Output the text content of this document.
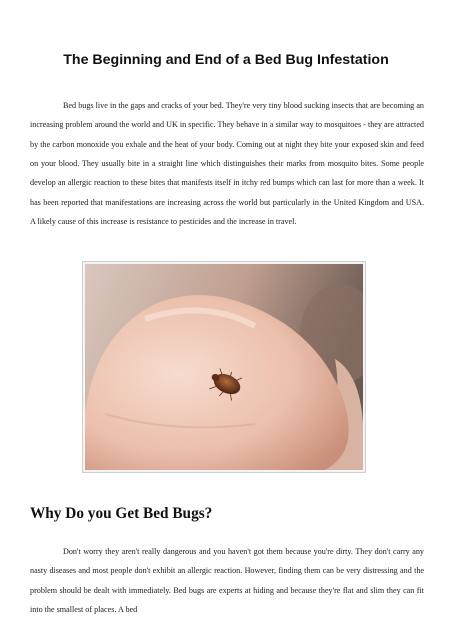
The Beginning and End of a Bed Bug Infestation

Bed bugs live in the gaps and cracks of your bed. They're very tiny blood sucking insects that are becoming an increasing problem around the world and UK in specific. They behave in a similar way to mosquitoes - they are attracted by the carbon monoxide you exhale and the heat of your body. Coming out at night they bite your exposed skin and feed on your blood. They usually bite in a straight line which distinguishes their marks from mosquito bites. Some people develop an allergic reaction to these bites that manifests itself in itchy red bumps which can last for more than a week. It has been reported that manifestations are increasing across the world but particularly in the United Kingdom and USA. A likely cause of this increase is resistance to pesticides and the increase in travel.

Why Do you Get Bed Bugs?

Don't worry they aren't really dangerous and you haven't got them because you're dirty. They don't carry any nasty diseases and most people don't exhibit an allergic reaction. However, finding them can be very distressing and the problem should be dealt with immediately. Bed bugs are experts at hiding and because they're flat and slim they can fit into the smallest of places. A bed
